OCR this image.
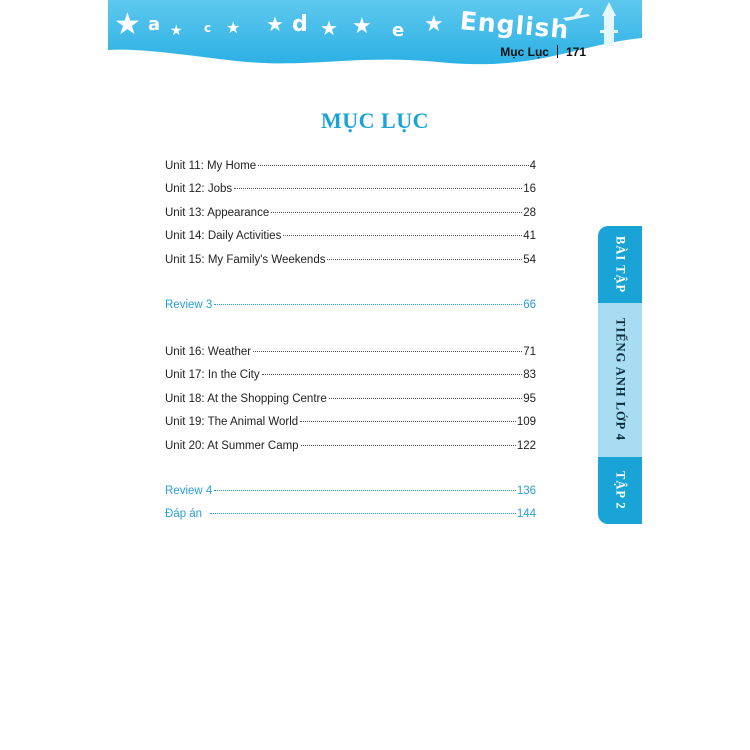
★ a ★ c ★ ★ d ★ ★ e ★ English
Mục Lục 171
MỤC LỤC
Unit 11: My Home	4
Unit 12: Jobs	16
Unit 13: Appearance	28
Unit 14: Daily Activities	41
Unit 15: My Family's Weekends	54
Review 3	66
Unit 16: Weather	71
Unit 17: In the City	83
Unit 18: At the Shopping Centre	95
Unit 19: The Animal World	109
Unit 20: At Summer Camp	122
Review 4	136
Đáp án	144
BÀI TẬP
TIẾNG ANH LỚP 4
TẬP 2
